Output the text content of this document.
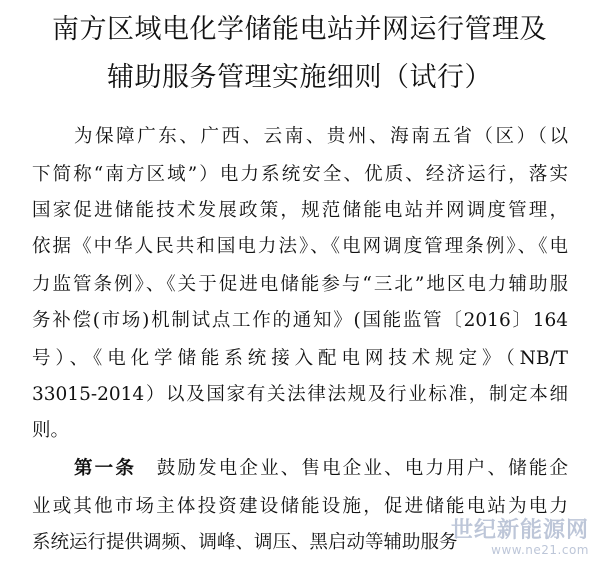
南方区域电化学储能电站并网运行管理及
辅助服务管理实施细则（试行）
为保障广东、广西、云南、贵州、海南五省（区）（以
下简称“南方区域”）电力系统安全、优质、经济运行，落实
国家促进储能技术发展政策，规范储能电站并网调度管理，
依据《中华人民共和国电力法》、《电网调度管理条例》、《电
力监管条例》、《关于促进电储能参与“三北”地区电力辅助服
务补偿(市场)机制试点工作的通知》(国能监管〔2016〕164
号）、《电化学储能系统接入配电网技术规定》（NB/T
33015-2014）以及国家有关法律法规及行业标准，制定本细
则。
第一条　 鼓励发电企业、售电企业、电力用户、储能企
业或其他市场主体投资建设储能设施，促进储能电站为电力
系统运行提供调频、调峰、调压、黑启动等辅助服务
世纪新能源网
www.ne21.com
